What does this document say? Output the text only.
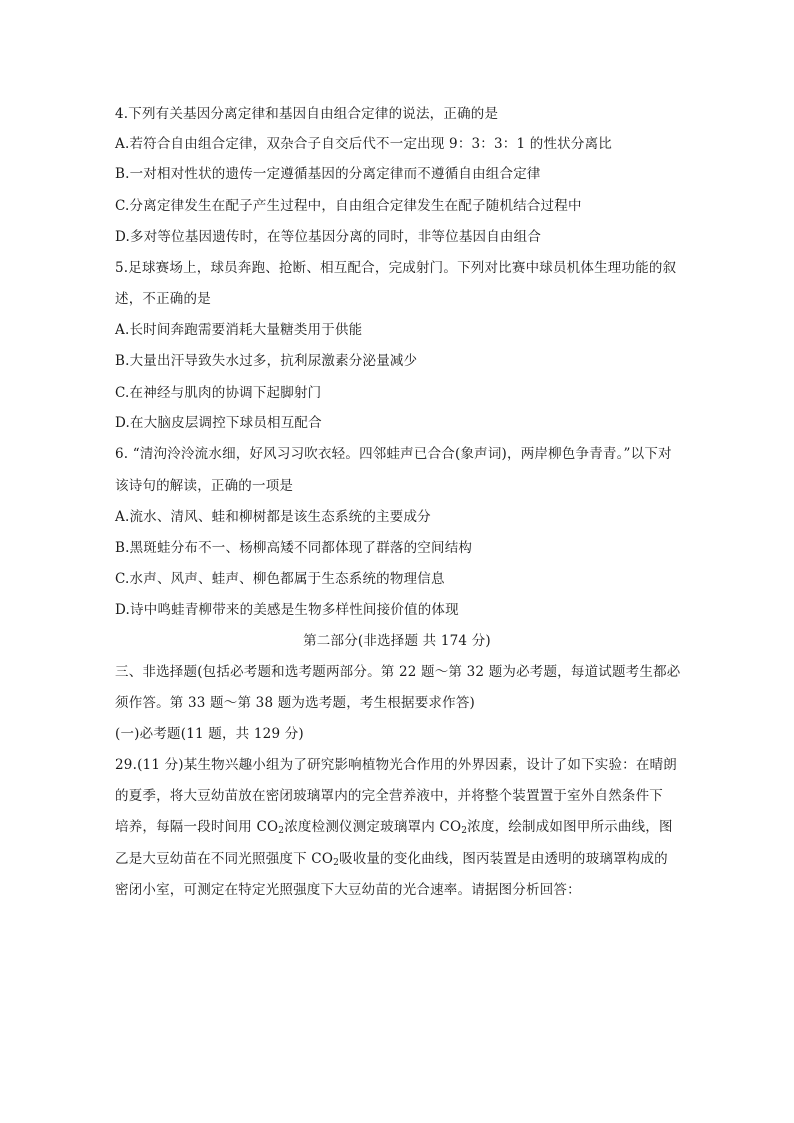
4.下列有关基因分离定律和基因自由组合定律的说法，正确的是
A.若符合自由组合定律，双杂合子自交后代不一定出现 9：3：3：1 的性状分离比
B.一对相对性状的遗传一定遵循基因的分离定律而不遵循自由组合定律
C.分离定律发生在配子产生过程中，自由组合定律发生在配子随机结合过程中
D.多对等位基因遗传时，在等位基因分离的同时，非等位基因自由组合
5.足球赛场上，球员奔跑、抢断、相互配合，完成射门。下列对比赛中球员机体生理功能的叙
述，不正确的是
A.长时间奔跑需要消耗大量糖类用于供能
B.大量出汗导致失水过多，抗利尿激素分泌量减少
C.在神经与肌肉的协调下起脚射门
D.在大脑皮层调控下球员相互配合
6. “清泃泠泠流水细，好风习习吹衣轻。四邻蛙声已合合(象声词)，两岸柳色争青青。”以下对
该诗句的解读，正确的一项是
A.流水、清风、蛙和柳树都是该生态系统的主要成分
B.黑斑蛙分布不一、杨柳高矮不同都体现了群落的空间结构
C.水声、风声、蛙声、柳色都属于生态系统的物理信息
D.诗中鸣蛙青柳带来的美感是生物多样性间接价值的体现
第二部分(非选择题 共 174 分)
三、非选择题(包括必考题和选考题两部分。第 22 题～第 32 题为必考题，每道试题考生都必
须作答。第 33 题～第 38 题为选考题，考生根据要求作答)
(一)必考题(11 题，共 129 分)
29.(11 分)某生物兴趣小组为了研究影响植物光合作用的外界因素，设计了如下实验：在晴朗
的夏季，将大豆幼苗放在密闭玻璃罩内的完全营养液中，并将整个装置置于室外自然条件下
培养，每隔一段时间用 $CO_2$浓度检测仪测定玻璃罩内 $CO_2$浓度，绘制成如图甲所示曲线，图
乙是大豆幼苗在不同光照强度下 $CO_2$吸收量的变化曲线，图丙装置是由透明的玻璃罩构成的
密闭小室，可测定在特定光照强度下大豆幼苗的光合速率。请据图分析回答：
